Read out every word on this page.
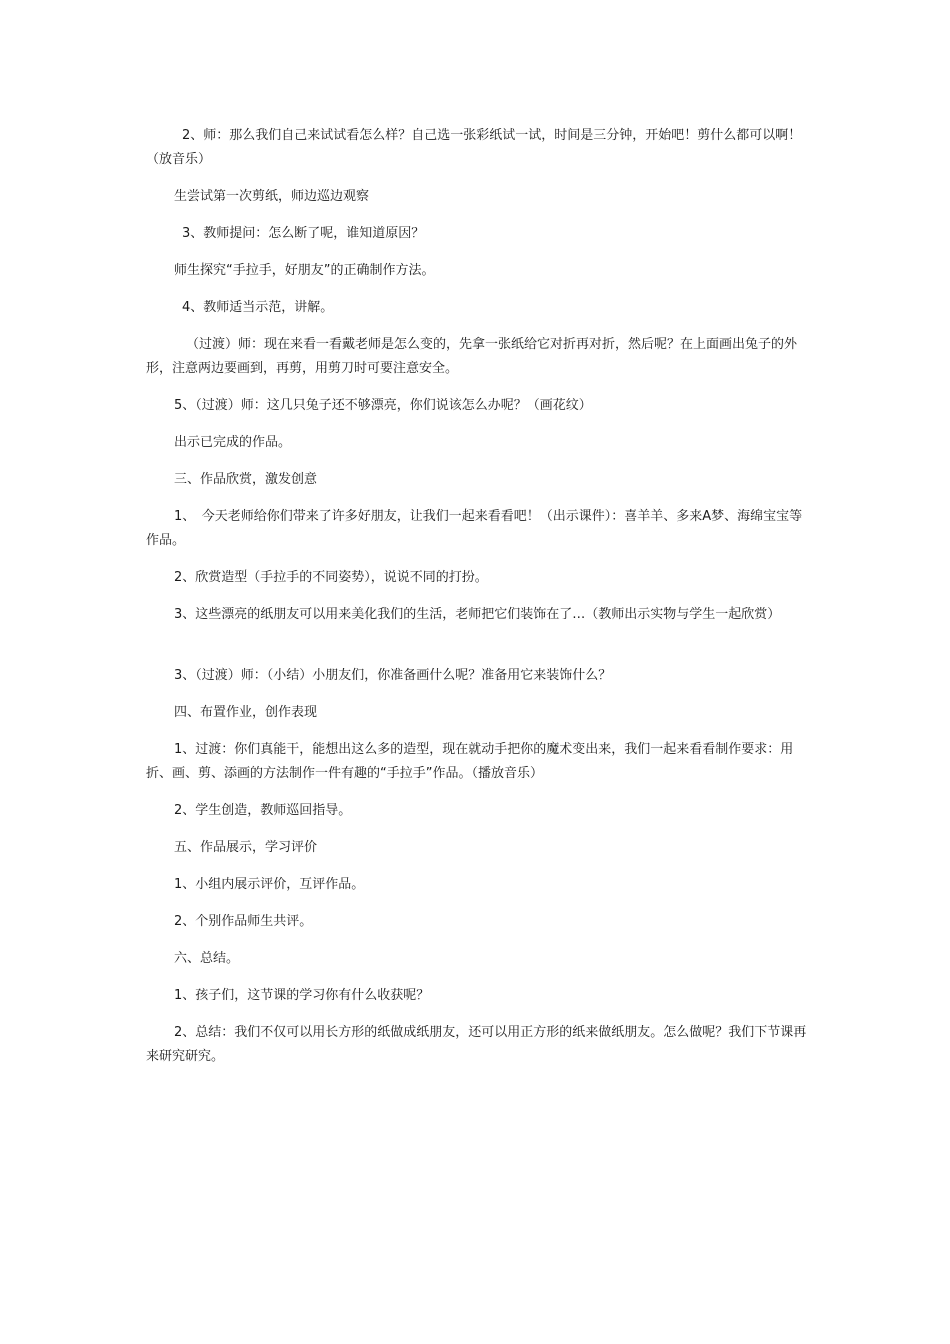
2、师：那么我们自己来试试看怎么样？自己选一张彩纸试一试，时间是三分钟，开始吧！剪什么都可以啊！　（放音乐）

生尝试第一次剪纸，师边巡边观察

3、教师提问：怎么断了呢，谁知道原因？

师生探究“手拉手，好朋友”的正确制作方法。

4、教师适当示范，讲解。

（过渡）师：现在来看一看戴老师是怎么变的，先拿一张纸给它对折再对折，然后呢？在上面画出兔子的外形，注意两边要画到，再剪，用剪刀时可要注意安全。

5、（过渡）师：这几只兔子还不够漂亮，你们说该怎么办呢？（画花纹）

出示已完成的作品。

三、作品欣赏，激发创意

1、　今天老师给你们带来了许多好朋友，让我们一起来看看吧！（出示课件）：喜羊羊、多来A梦、海绵宝宝等作品。

2、欣赏造型（手拉手的不同姿势），说说不同的打扮。

3、这些漂亮的纸朋友可以用来美化我们的生活，老师把它们装饰在了…（教师出示实物与学生一起欣赏）

3、（过渡）师：（小结）小朋友们，你准备画什么呢？准备用它来装饰什么？

四、布置作业，创作表现

1、过渡：你们真能干，能想出这么多的造型，现在就动手把你的魔术变出来，我们一起来看看制作要求：用折、画、剪、添画的方法制作一件有趣的“手拉手”作品。（播放音乐）

2、学生创造，教师巡回指导。

五、作品展示，学习评价

1、小组内展示评价，互评作品。

2、个别作品师生共评。

六、总结。

1、孩子们，这节课的学习你有什么收获呢？

2、总结：我们不仅可以用长方形的纸做成纸朋友，还可以用正方形的纸来做纸朋友。怎么做呢？我们下节课再来研究研究。
